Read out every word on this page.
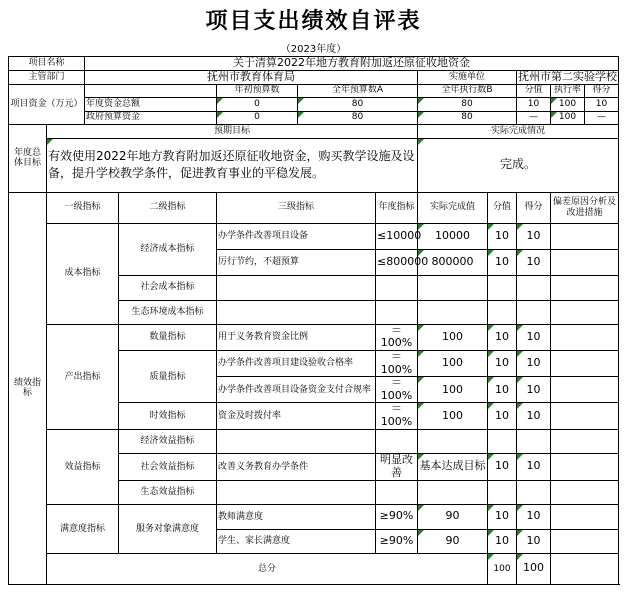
项目支出绩效自评表
（2023年度）
项目名称		关于清算2022年地方教育附加返还原征收地资金									
主管部门		抚州市教育体育局					实施单位		抚州市第二实验学校		
项目资金（万元）				年初预算数	全年预算数A		全年执行数B		分值	执行率	得分
		年度资金总额		0	80		80		10	100	10
		政府预算资金		0	80		80		—	100	—
年度总体目标	预期目标						实际完成情况				
	有效使用2022年地方教育附加返还原征收地资金，购买教学设施及设备，提升学校教学条件，促进教育事业的平稳发展。						完成。				
绩效指标	一级指标		二级指标	三级指标		年度指标	实际完成值	分值	得分	偏差原因分析及改进措施	
	成本指标		经济成本指标	办学条件改善项目设备		≤10000	10000	10	10		
				厉行节约，不超预算		≤800000	800000	10	10		
			社会成本指标								
			生态环境成本指标								
	产出指标		数量指标	用于义务教育资金比例		＝100%	100	10	10		
			质量指标	办学条件改善项目建设验收合格率		＝100%	100	10	10		
				办学条件改善项目设备资金支付合规率		＝100%	100	10	10		
			时效指标	资金及时拨付率		＝100%	100	10	10		
	效益指标		经济效益指标								
			社会效益指标	改善义务教育办学条件		明显改善	基本达成目标	10	10		
			生态效益指标								
	满意度指标		服务对象满意度	教师满意度		≥90%	90	10	10		
				学生、家长满意度		≥90%	90	10	10		
	总分							100	100		
